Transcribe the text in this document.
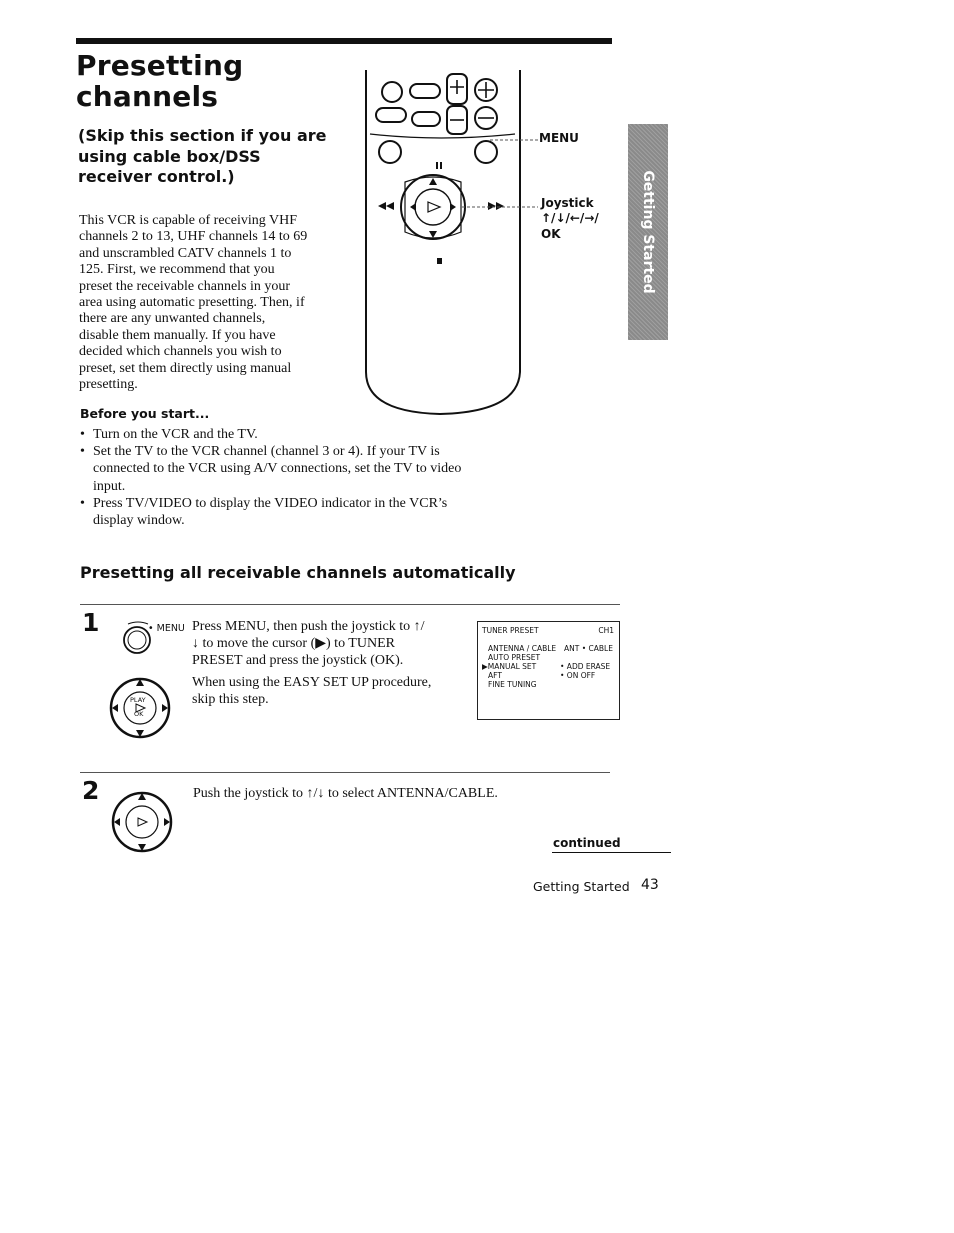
Presetting
channels
(Skip this section if you are
using cable box/DSS
receiver control.)
This VCR is capable of receiving VHF
channels 2 to 13, UHF channels 14 to 69
and unscrambled CATV channels 1 to
125. First, we recommend that you
preset the receivable channels in your
area using automatic presetting. Then, if
there are any unwanted channels,
disable them manually. If you have
decided which channels you wish to
preset, set them directly using manual
presetting.
MENU
Joystick
↑/↓/←/→/
OK	Getting Started
Before you start...
• Turn on the VCR and the TV.
• Set the TV to the VCR channel (channel 3 or 4). If your TV is
connected to the VCR using A/V connections, set the TV to video
input.
• Press TV/VIDEO to display the VIDEO indicator in the VCR’s
display window.
Presetting all receivable channels automatically
1	• MENU
PLAY
OK
Press MENU, then push the joystick to ↑/
↓ to move the cursor (▶) to TUNER
PRESET and press the joystick (OK).
When using the EASY SET UP procedure,
skip this step.
TUNER PRESET	CH1
ANTENNA / CABLE ANT • CABLE
AUTO PRESET
▶MANUAL SET	• ADD ERASE
AFT	• ON OFF
FINE TUNING
2	Push the joystick to ↑/↓ to select ANTENNA/CABLE.
continued
Getting Started 43
